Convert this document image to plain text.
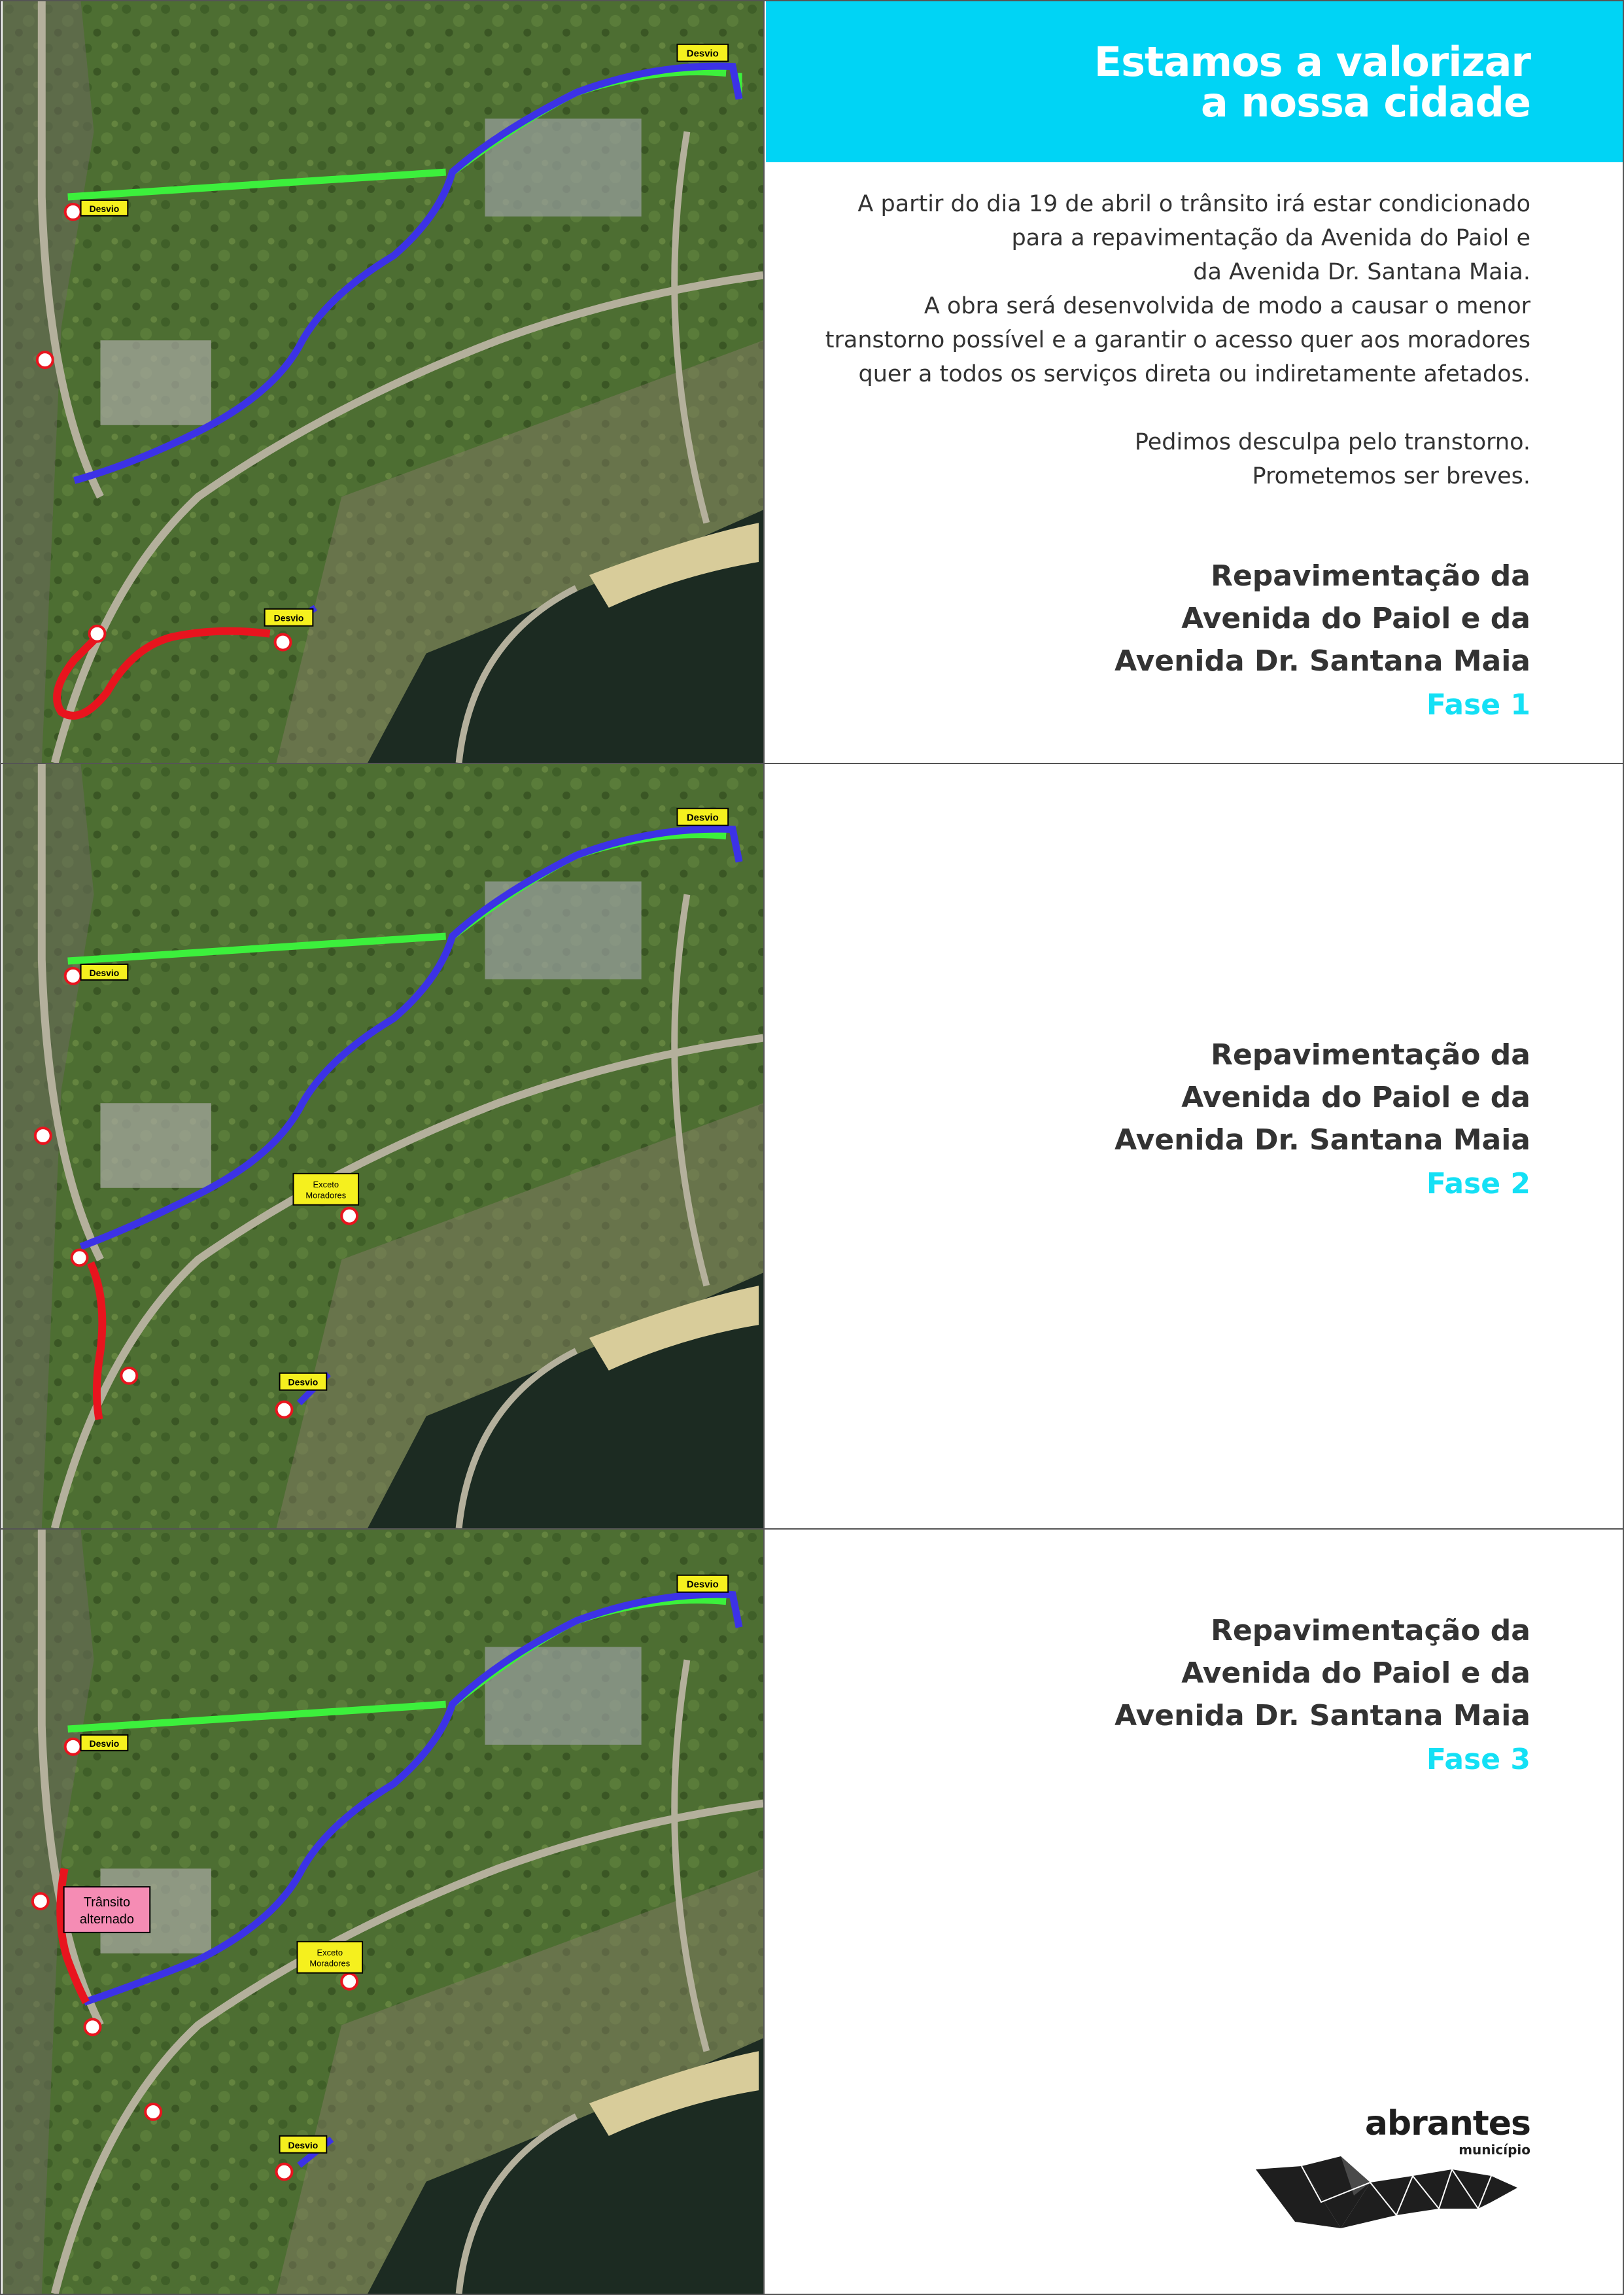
Desvio
Desvio
Desvio
Estamos a valorizar
a nossa cidade

A partir do dia 19 de abril o trânsito irá estar condicionado

para a repavimentação da Avenida do Paiol e

da Avenida Dr. Santana Maia.

A obra será desenvolvida de modo a causar o menor

transtorno possível e a garantir o acesso quer aos moradores

quer a todos os serviços direta ou indiretamente afetados.

Pedimos desculpa pelo transtorno.

Prometemos ser breves.

Repavimentação da
Avenida do Paiol e da
Avenida Dr. Santana Maia
Fase 1
Desvio
Desvio
Desvio
Exceto
Moradores
Repavimentação da
Avenida do Paiol e da
Avenida Dr. Santana Maia
Fase 2
Desvio
Desvio
Desvio
Exceto
Moradores
Trânsito
alternado
Repavimentação da
Avenida do Paiol e da
Avenida Dr. Santana Maia
Fase 3
abrantes
município
